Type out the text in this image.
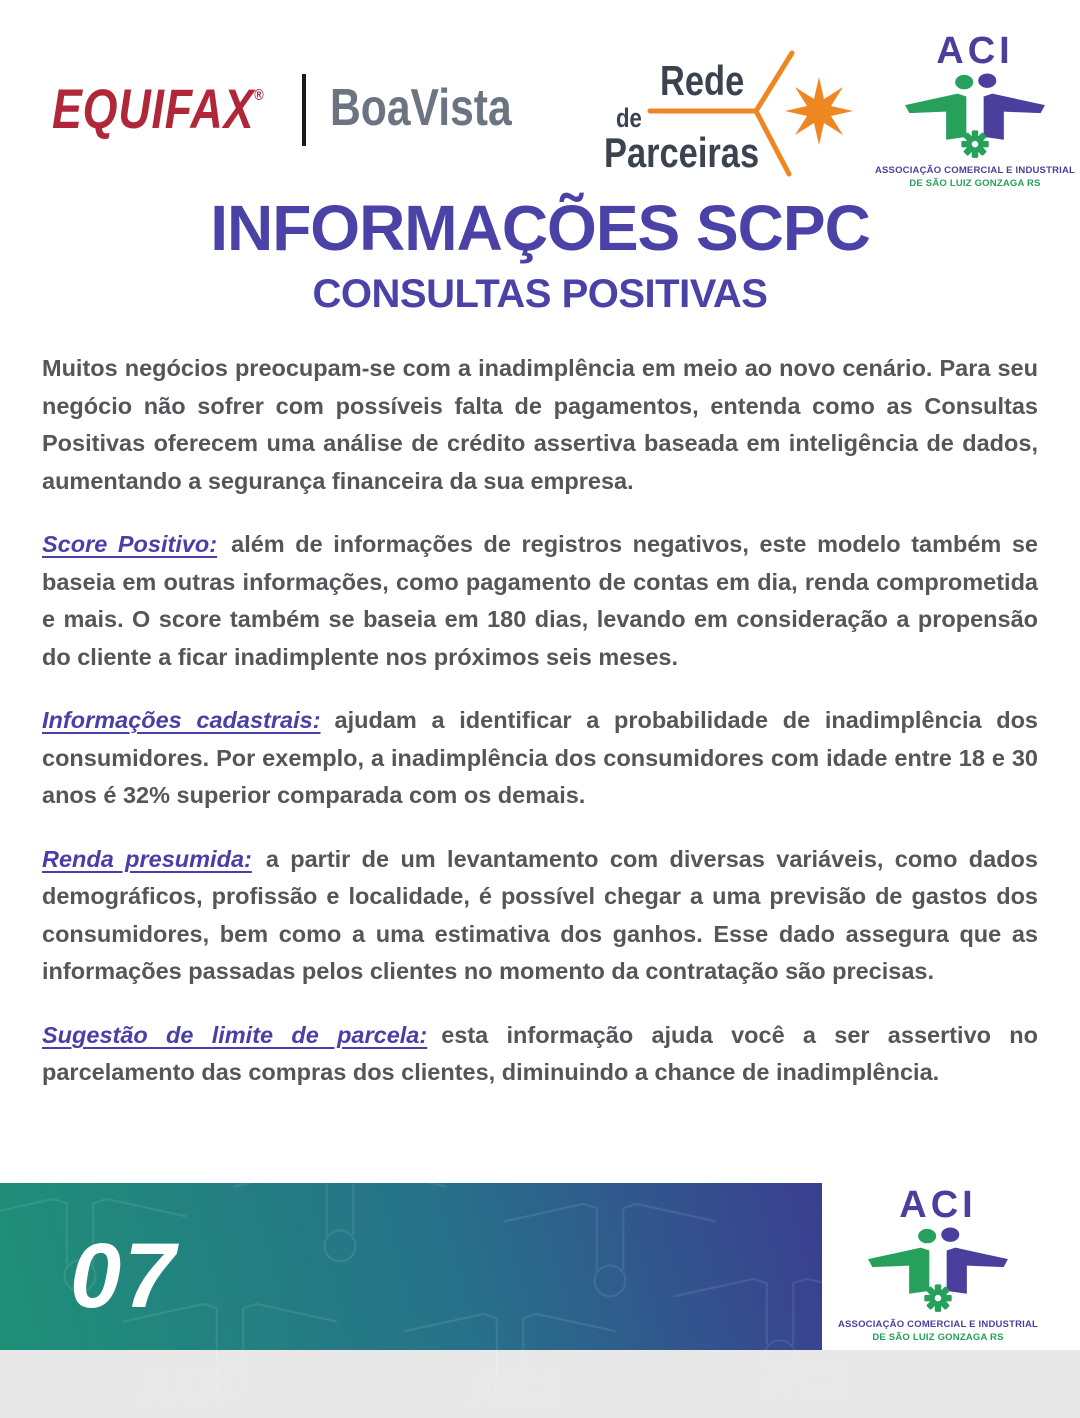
EQUIFAX® BoaVista	Rede
de
Parceiras
ACI
ASSOCIAÇÃO COMERCIAL E INDUSTRIAL
DE SÃO LUIZ GONZAGA RS
INFORMAÇÕES SCPC
CONSULTAS POSITIVAS

Muitos negócios preocupam-se com a inadimplência em meio ao novo cenário. Para seu negócio não sofrer com possíveis falta de pagamentos, entenda como as Consultas Positivas oferecem uma análise de crédito assertiva baseada em inteligência de dados, aumentando a segurança financeira da sua empresa.

Score Positivo: além de informações de registros negativos, este modelo também se baseia em outras informações, como pagamento de contas em dia, renda comprometida e mais. O score também se baseia em 180 dias, levando em consideração a propensão do cliente a ficar inadimplente nos próximos seis meses.

Informações cadastrais: ajudam a identificar a probabilidade de inadimplência dos consumidores. Por exemplo, a inadimplência dos consumidores com idade entre 18 e 30 anos é 32% superior comparada com os demais.

Renda presumida: a partir de um levantamento com diversas variáveis, como dados demográficos, profissão e localidade, é possível chegar a uma previsão de gastos dos consumidores, bem como a uma estimativa dos ganhos. Esse dado assegura que as informações passadas pelos clientes no momento da contratação são precisas.

Sugestão de limite de parcela: esta informação ajuda você a ser assertivo no parcelamento das compras dos clientes, diminuindo a chance de inadimplência.

ACI	ACI	ACI
07
ACI
ASSOCIAÇÃO COMERCIAL E INDUSTRIAL
DE SÃO LUIZ GONZAGA RS
